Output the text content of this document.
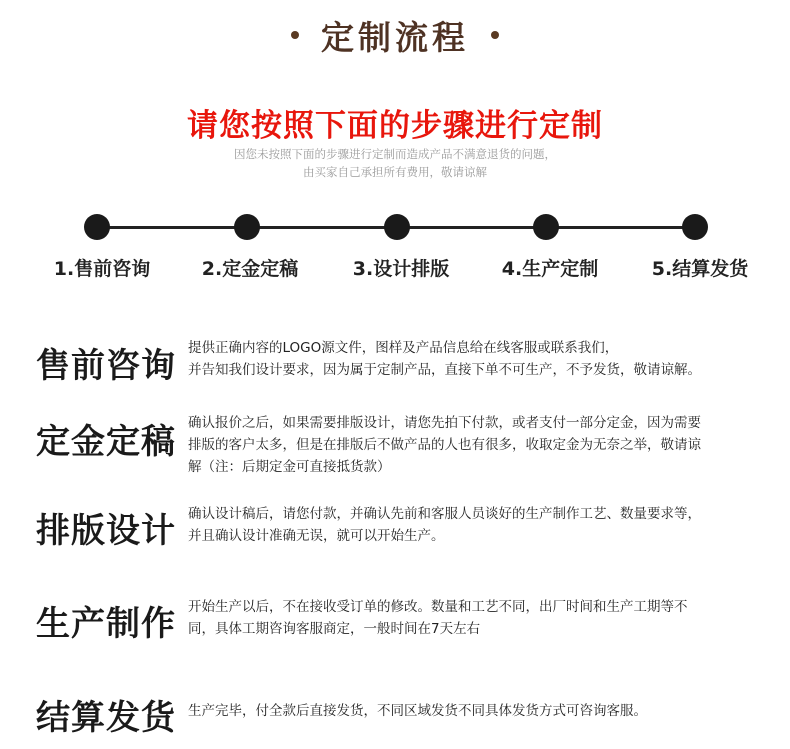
定制流程
请您按照下面的步骤进行定制
因您未按照下面的步骤进行定制而造成产品不满意退货的问题，
由买家自己承担所有费用，敬请谅解
1.售前咨询	2.定金定稿	3.设计排版	4.生产定制	5.结算发货
售前咨询 提供正确内容的LOGO源文件，图样及产品信息给在线客服或联系我们，
并告知我们设计要求，因为属于定制产品，直接下单不可生产，不予发货，敬请谅解。
定金定稿 确认报价之后，如果需要排版设计，请您先拍下付款，或者支付一部分定金，因为需要
排版的客户太多，但是在排版后不做产品的人也有很多，收取定金为无奈之举，敬请谅
解（注：后期定金可直接抵货款）
排版设计 确认设计稿后，请您付款，并确认先前和客服人员谈好的生产制作工艺、数量要求等，
并且确认设计准确无误，就可以开始生产。
生产制作 开始生产以后，不在接收受订单的修改。数量和工艺不同，出厂时间和生产工期等不
同，具体工期咨询客服商定，一般时间在7天左右
结算发货 生产完毕，付全款后直接发货，不同区域发货不同具体发货方式可咨询客服。
